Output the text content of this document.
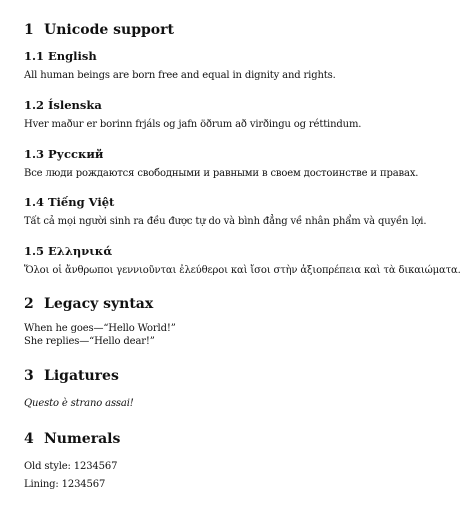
1 Unicode support
1.1 English
All human beings are born free and equal in dignity and rights.
1.2 Íslenska
Hver maður er borinn frjáls og jafn öðrum að virðingu og réttindum.
1.3 Русский
Все люди рождаются свободными и равными в своем достоинстве и правах.
1.4 Tiếng Việt
Tất cả mọi người sinh ra đều được tự do và bình đẳng về nhân phẩm và quyền lợi.
1.5 Ελληνικά
Ὅλοι οἱ ἄνθρωποι γεννιοῦνται ἐλεύθεροι καὶ ἴσοι στὴν ἀξιοπρέπεια καὶ τὰ δικαιώματα.
2 Legacy syntax
When he goes—“Hello World!”
She replies—“Hello dear!”
3 Ligatures
Questo è strano assai!
4 Numerals
Old style: 1234567
Lining: 1234567
